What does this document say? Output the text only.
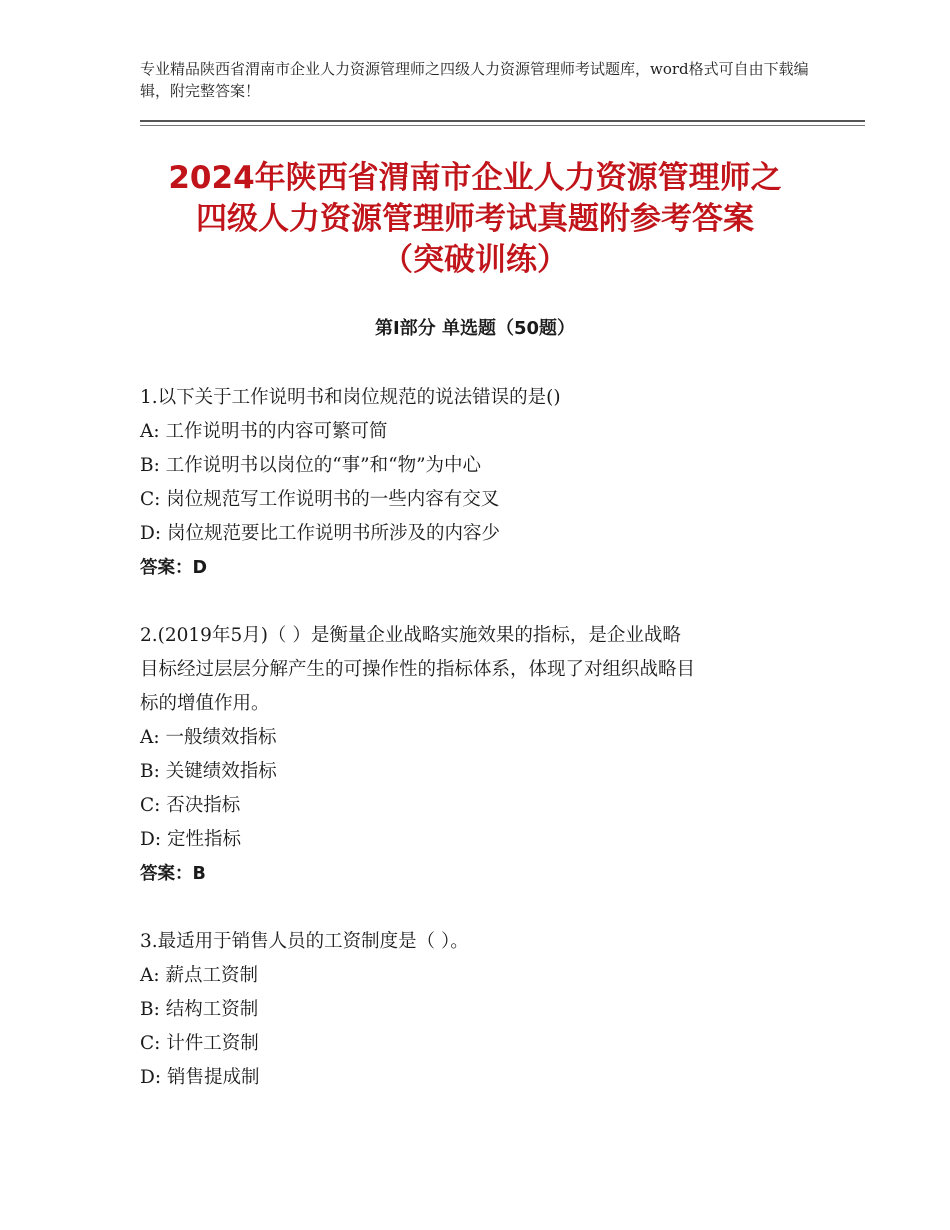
专业精品陕西省渭南市企业人力资源管理师之四级人力资源管理师考试题库，word格式可自由下载编辑，附完整答案！
2024年陕西省渭南市企业人力资源管理师之
四级人力资源管理师考试真题附参考答案
（突破训练）
第Ⅰ部分 单选题（50题）
1.以下关于工作说明书和岗位规范的说法错误的是()
A: 工作说明书的内容可繁可简
B: 工作说明书以岗位的“事”和“物”为中心
C: 岗位规范写工作说明书的一些内容有交叉
D: 岗位规范要比工作说明书所涉及的内容少
答案：D
2.(2019年5月)（ ）是衡量企业战略实施效果的指标，是企业战略
目标经过层层分解产生的可操作性的指标体系，体现了对组织战略目
标的增值作用。
A: 一般绩效指标
B: 关键绩效指标
C: 否决指标
D: 定性指标
答案：B
3.最适用于销售人员的工资制度是（ ）。
A: 薪点工资制
B: 结构工资制
C: 计件工资制
D: 销售提成制
